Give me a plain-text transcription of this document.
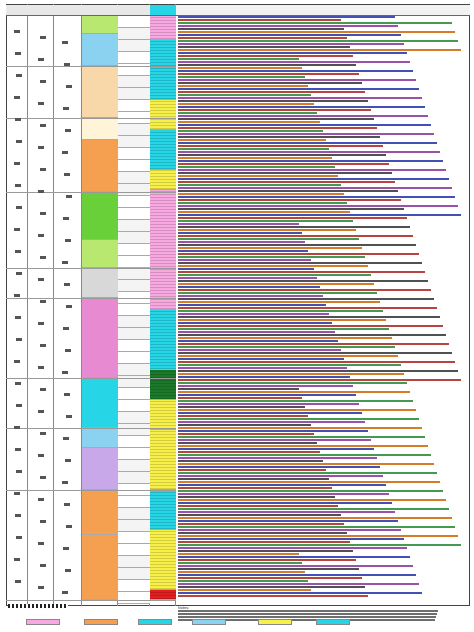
Notes:
